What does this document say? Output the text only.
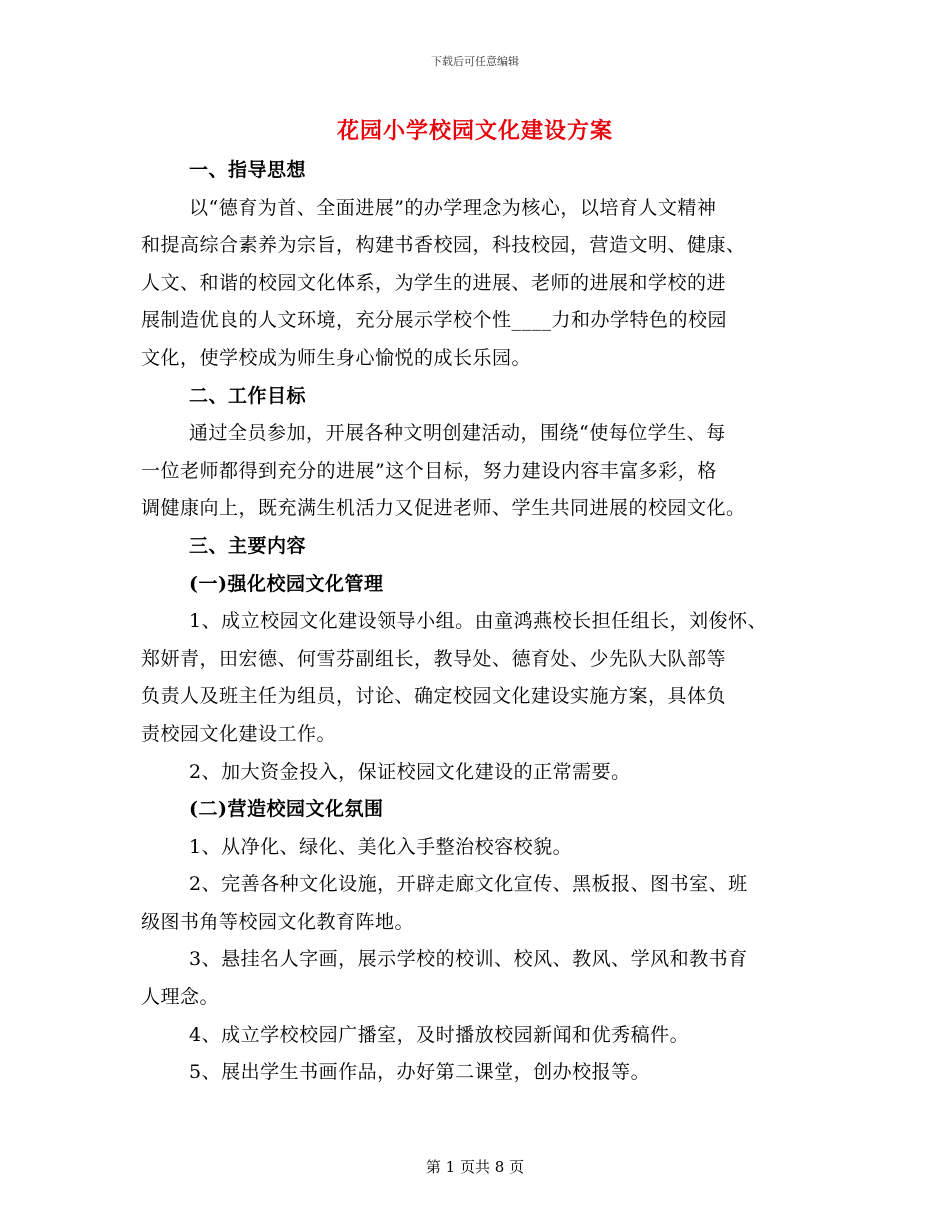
下载后可任意编辑
花园小学校园文化建设方案
一、指导思想
以“德育为首、全面进展”的办学理念为核心，以培育人文精神
和提高综合素养为宗旨，构建书香校园，科技校园，营造文明、健康、
人文、和谐的校园文化体系，为学生的进展、老师的进展和学校的进
展制造优良的人文环境，充分展示学校个性____力和办学特色的校园
文化，使学校成为师生身心愉悦的成长乐园。
二、工作目标
通过全员参加，开展各种文明创建活动，围绕“使每位学生、每
一位老师都得到充分的进展”这个目标，努力建设内容丰富多彩，格
调健康向上，既充满生机活力又促进老师、学生共同进展的校园文化。
三、主要内容
(一)强化校园文化管理
1、成立校园文化建设领导小组。由童鸿燕校长担任组长，刘俊怀、
郑妍青，田宏德、何雪芬副组长，教导处、德育处、少先队大队部等
负责人及班主任为组员，讨论、确定校园文化建设实施方案，具体负
责校园文化建设工作。
2、加大资金投入，保证校园文化建设的正常需要。
(二)营造校园文化氛围
1、从净化、绿化、美化入手整治校容校貌。
2、完善各种文化设施，开辟走廊文化宣传、黑板报、图书室、班
级图书角等校园文化教育阵地。
3、悬挂名人字画，展示学校的校训、校风、教风、学风和教书育
人理念。
4、成立学校校园广播室，及时播放校园新闻和优秀稿件。
5、展出学生书画作品，办好第二课堂，创办校报等。
第 1 页共 8 页
